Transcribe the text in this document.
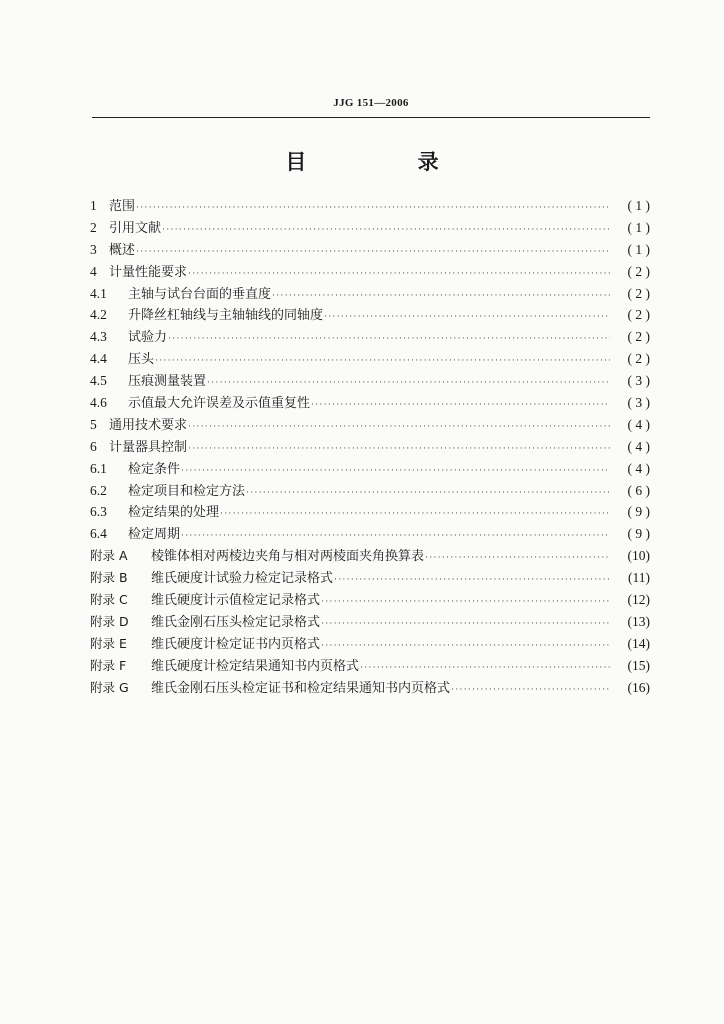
JJG 151—2006
目 录
1 范围 ·····	( 1 )
2 引用文献 ·····	( 1 )
3 概述 ·····	( 1 )
4 计量性能要求 ·····	( 2 )
4.1	主轴与试台台面的垂直度 ·····	( 2 )
4.2	升降丝杠轴线与主轴轴线的同轴度 ·····	( 2 )
4.3	试验力 ·····	( 2 )
4.4	压头 ·····	( 2 )
4.5	压痕测量装置 ·····	( 3 )
4.6	示值最大允许误差及示值重复性 ·····	( 3 )
5 通用技术要求 ·····	( 4 )
6 计量器具控制 ·····	( 4 )
6.1	检定条件 ·····	( 4 )
6.2	检定项目和检定方法 ·····	( 6 )
6.3	检定结果的处理 ·····	( 9 )
6.4	检定周期 ·····	( 9 )
附录 A	棱锥体相对两棱边夹角与相对两棱面夹角换算表 ·····	(10)
附录 B	维氏硬度计试验力检定记录格式 ·····	(11)
附录 C	维氏硬度计示值检定记录格式 ·····	(12)
附录 D	维氏金刚石压头检定记录格式 ·····	(13)
附录 E	维氏硬度计检定证书内页格式 ·····	(14)
附录 F	维氏硬度计检定结果通知书内页格式 ·····	(15)
附录 G	维氏金刚石压头检定证书和检定结果通知书内页格式 ·····	(16)
